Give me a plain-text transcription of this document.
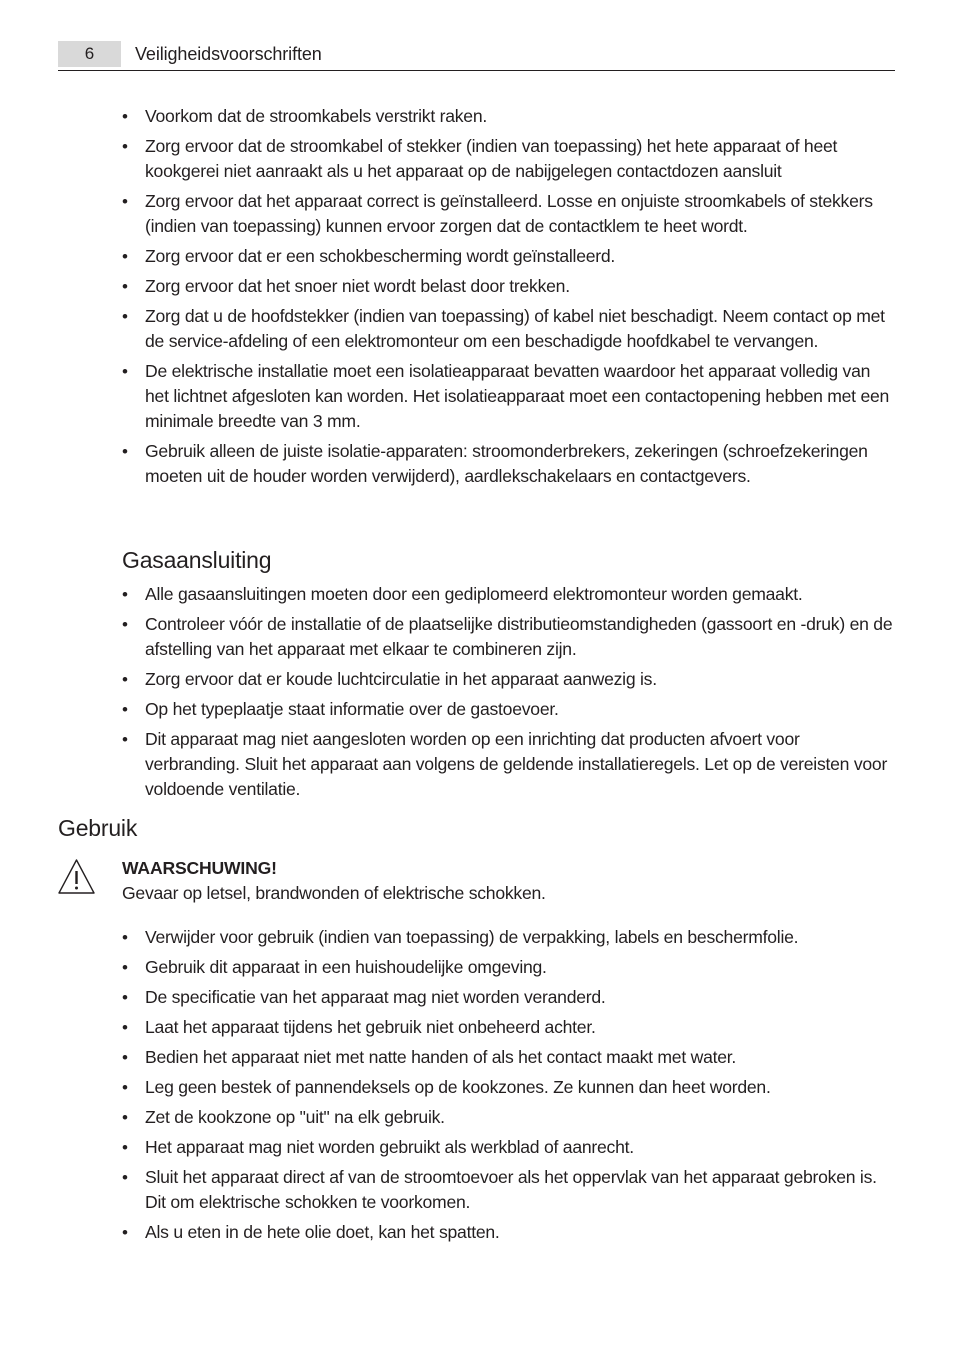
6	Veiligheidsvoorschriften
• Voorkom dat de stroomkabels verstrikt raken.
• Zorg ervoor dat de stroomkabel of stekker (indien van toepassing) het hete apparaat of heet kookgerei niet aanraakt als u het apparaat op de nabijgelegen contactdozen aansluit
• Zorg ervoor dat het apparaat correct is geïnstalleerd. Losse en onjuiste stroomkabels of stekkers (indien van toepassing) kunnen ervoor zorgen dat de contactklem te heet wordt.
• Zorg ervoor dat er een schokbescherming wordt geïnstalleerd.
• Zorg ervoor dat het snoer niet wordt belast door trekken.
• Zorg dat u de hoofdstekker (indien van toepassing) of kabel niet beschadigt. Neem contact op met de service-afdeling of een elektromonteur om een beschadigde hoofdkabel te vervangen.
• De elektrische installatie moet een isolatieapparaat bevatten waardoor het apparaat volledig van het lichtnet afgesloten kan worden. Het isolatieapparaat moet een contactopening hebben met een minimale breedte van 3 mm.
• Gebruik alleen de juiste isolatie-apparaten: stroomonderbrekers, zekeringen (schroefzekeringen moeten uit de houder worden verwijderd), aardlekschakelaars en contactgevers.
Gasaansluiting
• Alle gasaansluitingen moeten door een gediplomeerd elektromonteur worden gemaakt.
• Controleer vóór de installatie of de plaatselijke distributieomstandigheden (gassoort en -druk) en de afstelling van het apparaat met elkaar te combineren zijn.
• Zorg ervoor dat er koude luchtcirculatie in het apparaat aanwezig is.
• Op het typeplaatje staat informatie over de gastoevoer.
• Dit apparaat mag niet aangesloten worden op een inrichting dat producten afvoert voor verbranding. Sluit het apparaat aan volgens de geldende installatieregels. Let op de vereisten voor voldoende ventilatie.
Gebruik
WAARSCHUWING!
Gevaar op letsel, brandwonden of elektrische schokken.
• Verwijder voor gebruik (indien van toepassing) de verpakking, labels en beschermfolie.
• Gebruik dit apparaat in een huishoudelijke omgeving.
• De specificatie van het apparaat mag niet worden veranderd.
• Laat het apparaat tijdens het gebruik niet onbeheerd achter.
• Bedien het apparaat niet met natte handen of als het contact maakt met water.
• Leg geen bestek of pannendeksels op de kookzones. Ze kunnen dan heet worden.
• Zet de kookzone op "uit" na elk gebruik.
• Het apparaat mag niet worden gebruikt als werkblad of aanrecht.
• Sluit het apparaat direct af van de stroomtoevoer als het oppervlak van het apparaat gebroken is. Dit om elektrische schokken te voorkomen.
• Als u eten in de hete olie doet, kan het spatten.
